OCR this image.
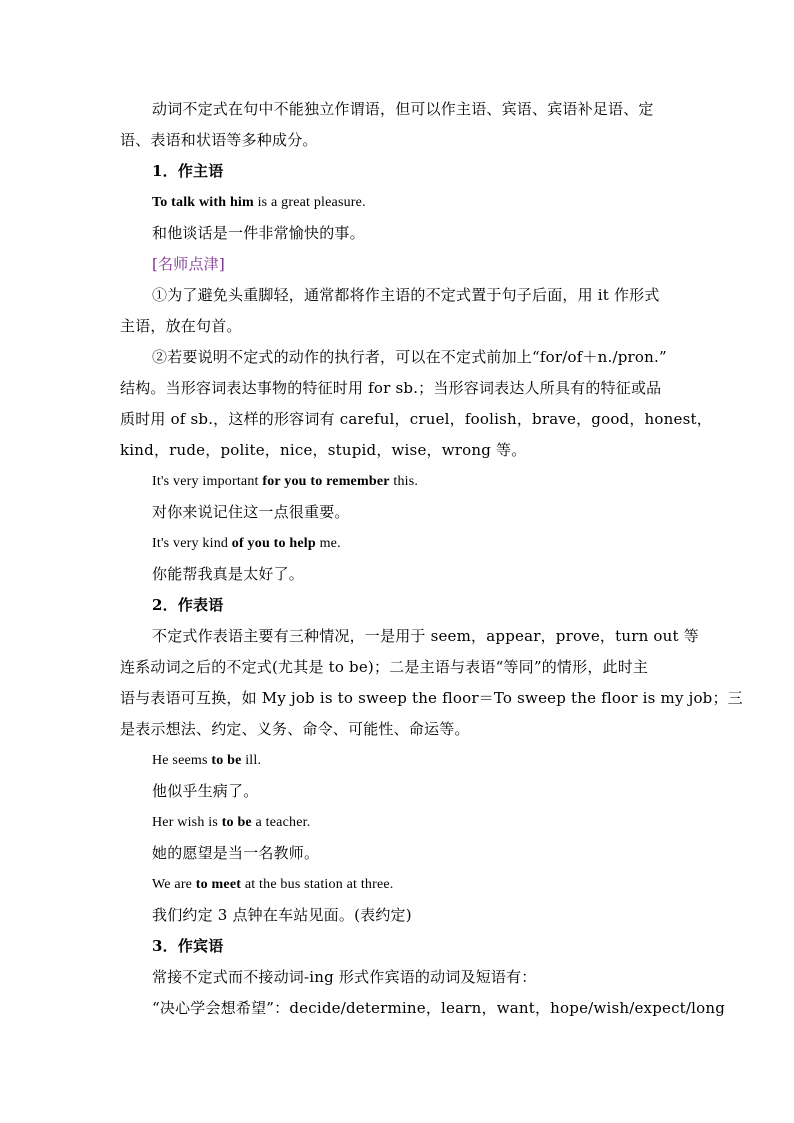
动词不定式在句中不能独立作谓语，但可以作主语、宾语、宾语补足语、定
语、表语和状语等多种成分。
1．作主语
To talk with him is a great pleasure.
和他谈话是一件非常愉快的事。
[名师点津]
①为了避免头重脚轻，通常都将作主语的不定式置于句子后面，用 it 作形式
主语，放在句首。
②若要说明不定式的动作的执行者，可以在不定式前加上“for/of＋n./pron.”
结构。当形容词表达事物的特征时用 for sb.；当形容词表达人所具有的特征或品
质时用 of sb.，这样的形容词有 careful，cruel，foolish，brave，good，honest，
kind，rude，polite，nice，stupid，wise，wrong 等。
It's very important for you to remember this.
对你来说记住这一点很重要。
It's very kind of you to help me.
你能帮我真是太好了。
2．作表语
不定式作表语主要有三种情况，一是用于 seem，appear，prove，turn out 等
连系动词之后的不定式(尤其是 to be)；二是主语与表语“等同”的情形，此时主
语与表语可互换，如 My job is to sweep the floor＝To sweep the floor is my job；三
是表示想法、约定、义务、命令、可能性、命运等。
He seems to be ill.
他似乎生病了。
Her wish is to be a teacher.
她的愿望是当一名教师。
We are to meet at the bus station at three.
我们约定 3 点钟在车站见面。(表约定)
3．作宾语
常接不定式而不接动词-ing 形式作宾语的动词及短语有：
“决心学会想希望”：decide/determine，learn，want，hope/wish/expect/long
